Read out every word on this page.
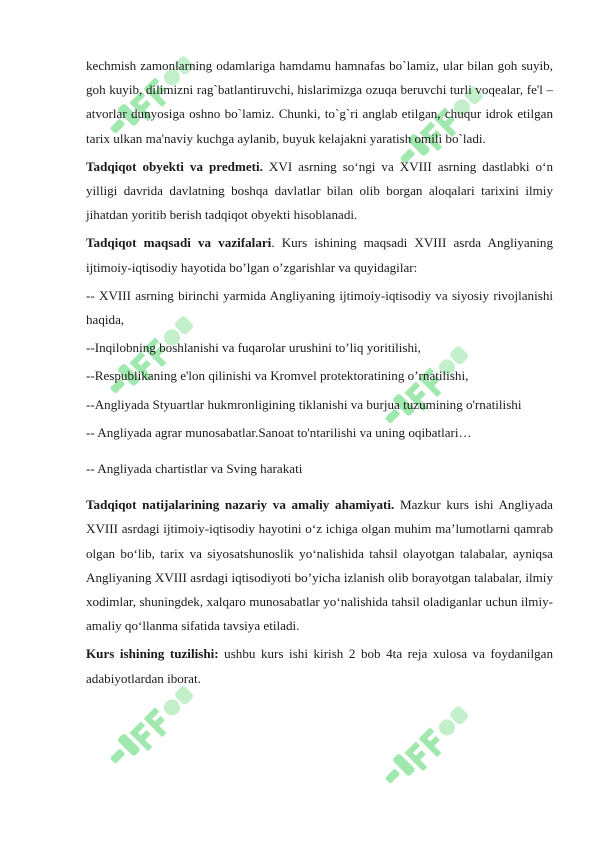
kechmish zamonlarning odamlariga hamdamu hamnafas bo`lamiz, ular bilan goh suyib, goh kuyib, dilimizni rag`batlantiruvchi, hislarimizga ozuqa beruvchi turli voqealar, fe'l – atvorlar dunyosiga oshno bo`lamiz. Chunki, to`g`ri anglab etilgan, chuqur idrok etilgan tarix ulkan ma'naviy kuchga aylanib, buyuk kelajakni yaratish omili bo`ladi.

Tadqiqot obyekti va predmeti. XVI asrning so‘ngi va XVIII asrning dastlabki o‘n yilligi davrida davlatning boshqa davlatlar bilan olib borgan aloqalari tarixini ilmiy jihatdan yoritib berish tadqiqot obyekti hisoblanadi.

Tadqiqot maqsadi va vazifalari. Kurs ishining maqsadi XVIII asrda Angliyaning ijtimoiy-iqtisodiy hayotida bo’lgan o’zgarishlar va quyidagilar:

-- XVIII asrning birinchi yarmida Angliyaning ijtimoiy-iqtisodiy va siyosiy rivojlanishi haqida,

--Inqilobning boshlanishi va fuqarolar urushini to’liq yoritilishi,

--Respublikaning e'lon qilinishi va Kromvel protektoratining o’rnatilishi,

--Angliyada Styuartlar hukmronligining tiklanishi va burjua tuzumining o'rnatilishi

-- Angliyada agrar munosabatlar.Sanoat to'ntarilishi va uning oqibatlari…

-- Angliyada chartistlar va Sving harakati

Tadqiqot natijalarining nazariy va amaliy ahamiyati. Mazkur kurs ishi Angliyada XVIII asrdagi ijtimoiy-iqtisodiy hayotini o‘z ichiga olgan muhim ma’lumotlarni qamrab olgan bo‘lib, tarix va siyosatshunoslik yo‘nalishida tahsil olayotgan talabalar, ayniqsa Angliyaning XVIII asrdagi iqtisodiyoti bo’yicha izlanish olib borayotgan talabalar, ilmiy xodimlar, shuningdek, xalqaro munosabatlar yo‘nalishida tahsil oladiganlar uchun ilmiy-amaliy qo‘llanma sifatida tavsiya etiladi.

Kurs ishining tuzilishi: ushbu kurs ishi kirish 2 bob 4ta reja xulosa va foydanilgan adabiyotlardan iborat.
